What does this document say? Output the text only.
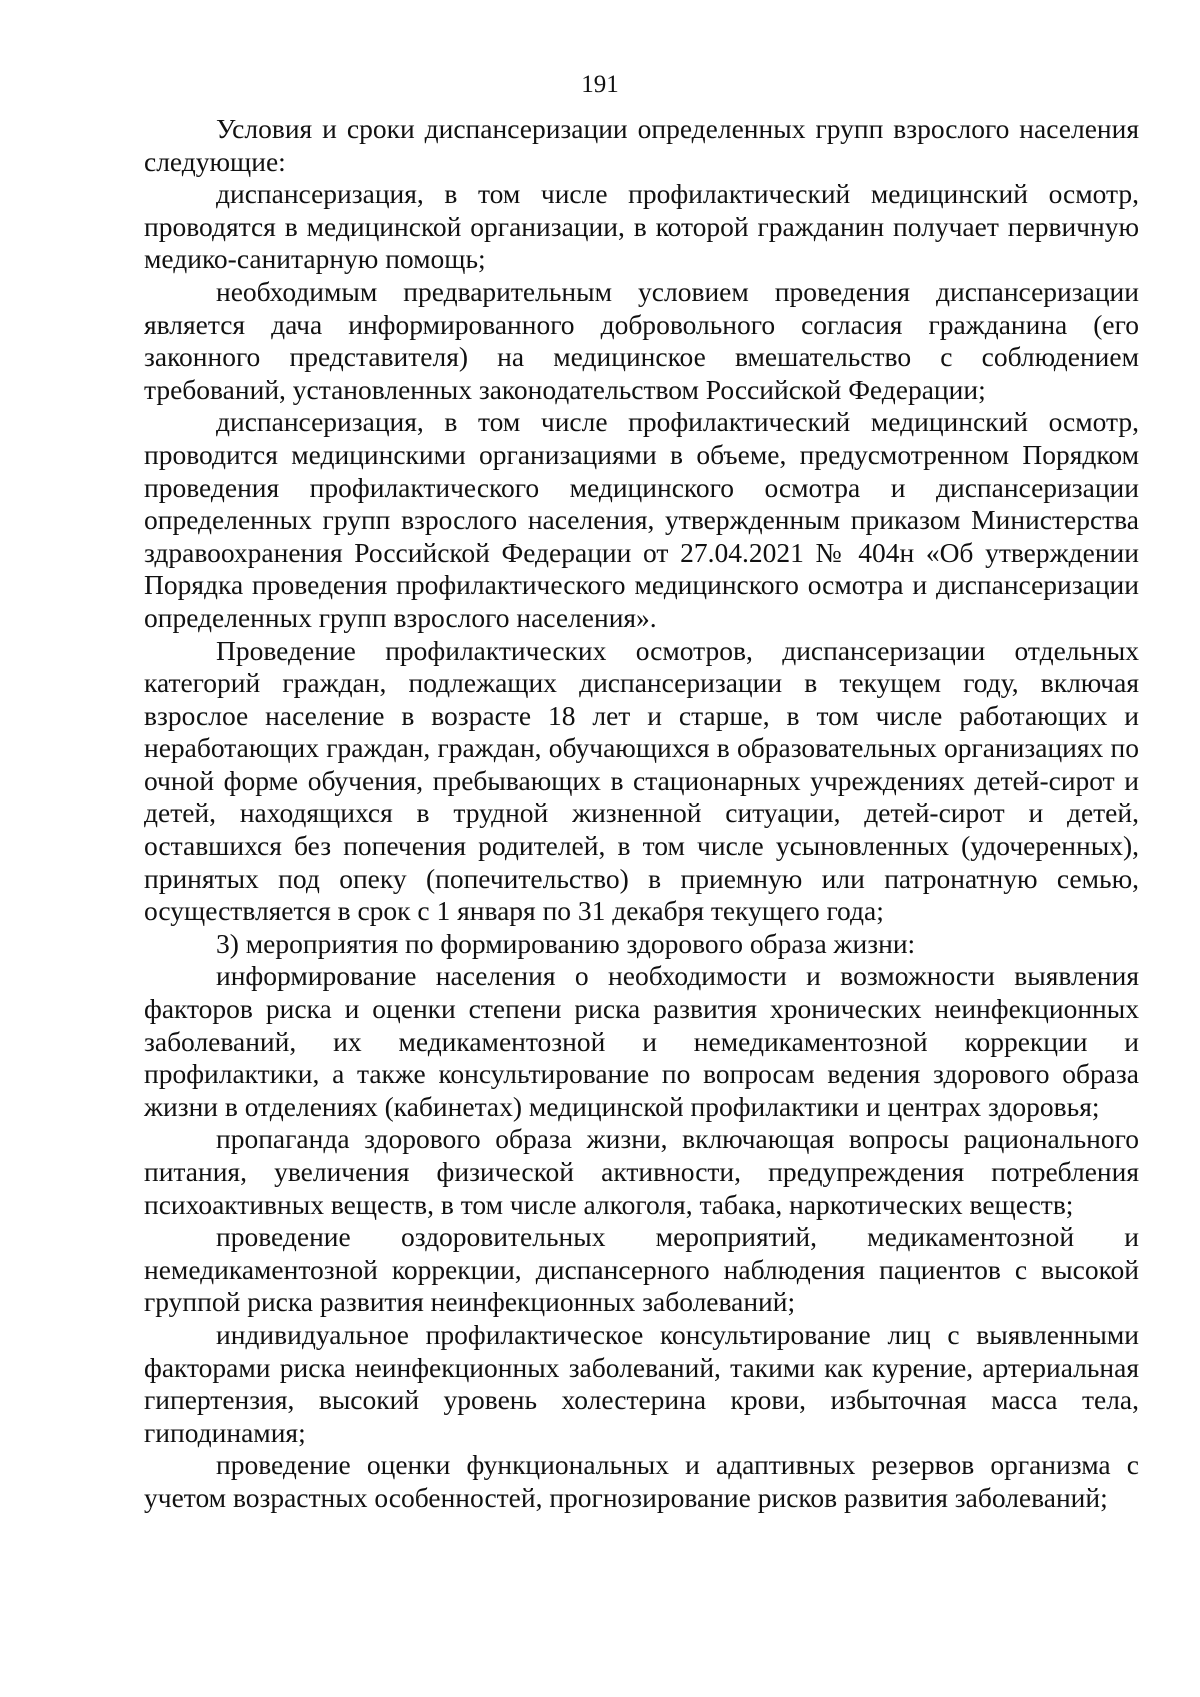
191

Условия и сроки диспансеризации определенных групп взрослого населения следующие:

диспансеризация, в том числе профилактический медицинский осмотр, проводятся в медицинской организации, в которой гражданин получает первичную медико-санитарную помощь;

необходимым предварительным условием проведения диспансеризации является дача информированного добровольного согласия гражданина (его законного представителя) на медицинское вмешательство с соблюдением требований, установленных законодательством Российской Федерации;

диспансеризация, в том числе профилактический медицинский осмотр, проводится медицинскими организациями в объеме, предусмотренном Порядком проведения профилактического медицинского осмотра и диспансеризации определенных групп взрослого населения, утвержденным приказом Министерства здравоохранения Российской Федерации от 27.04.2021 № 404н «Об утверждении Порядка проведения профилактического медицинского осмотра и диспансеризации определенных групп взрослого населения».

Проведение профилактических осмотров, диспансеризации отдельных категорий граждан, подлежащих диспансеризации в текущем году, включая взрослое население в возрасте 18 лет и старше, в том числе работающих и неработающих граждан, граждан, обучающихся в образовательных организациях по очной форме обучения, пребывающих в стационарных учреждениях детей-сирот и детей, находящихся в трудной жизненной ситуации, детей-сирот и детей, оставшихся без попечения родителей, в том числе усыновленных (удочеренных), принятых под опеку (попечительство) в приемную или патронатную семью, осуществляется в срок с 1 января по 31 декабря текущего года;

3) мероприятия по формированию здорового образа жизни:

информирование населения о необходимости и возможности выявления факторов риска и оценки степени риска развития хронических неинфекционных заболеваний, их медикаментозной и немедикаментозной коррекции и профилактики, а также консультирование по вопросам ведения здорового образа жизни в отделениях (кабинетах) медицинской профилактики и центрах здоровья;

пропаганда здорового образа жизни, включающая вопросы рационального питания, увеличения физической активности, предупреждения потребления психоактивных веществ, в том числе алкоголя, табака, наркотических веществ;

проведение оздоровительных мероприятий, медикаментозной и немедикаментозной коррекции, диспансерного наблюдения пациентов с высокой группой риска развития неинфекционных заболеваний;

индивидуальное профилактическое консультирование лиц с выявленными факторами риска неинфекционных заболеваний, такими как курение, артериальная гипертензия, высокий уровень холестерина крови, избыточная масса тела, гиподинамия;

проведение оценки функциональных и адаптивных резервов организма с учетом возрастных особенностей, прогнозирование рисков развития заболеваний;
